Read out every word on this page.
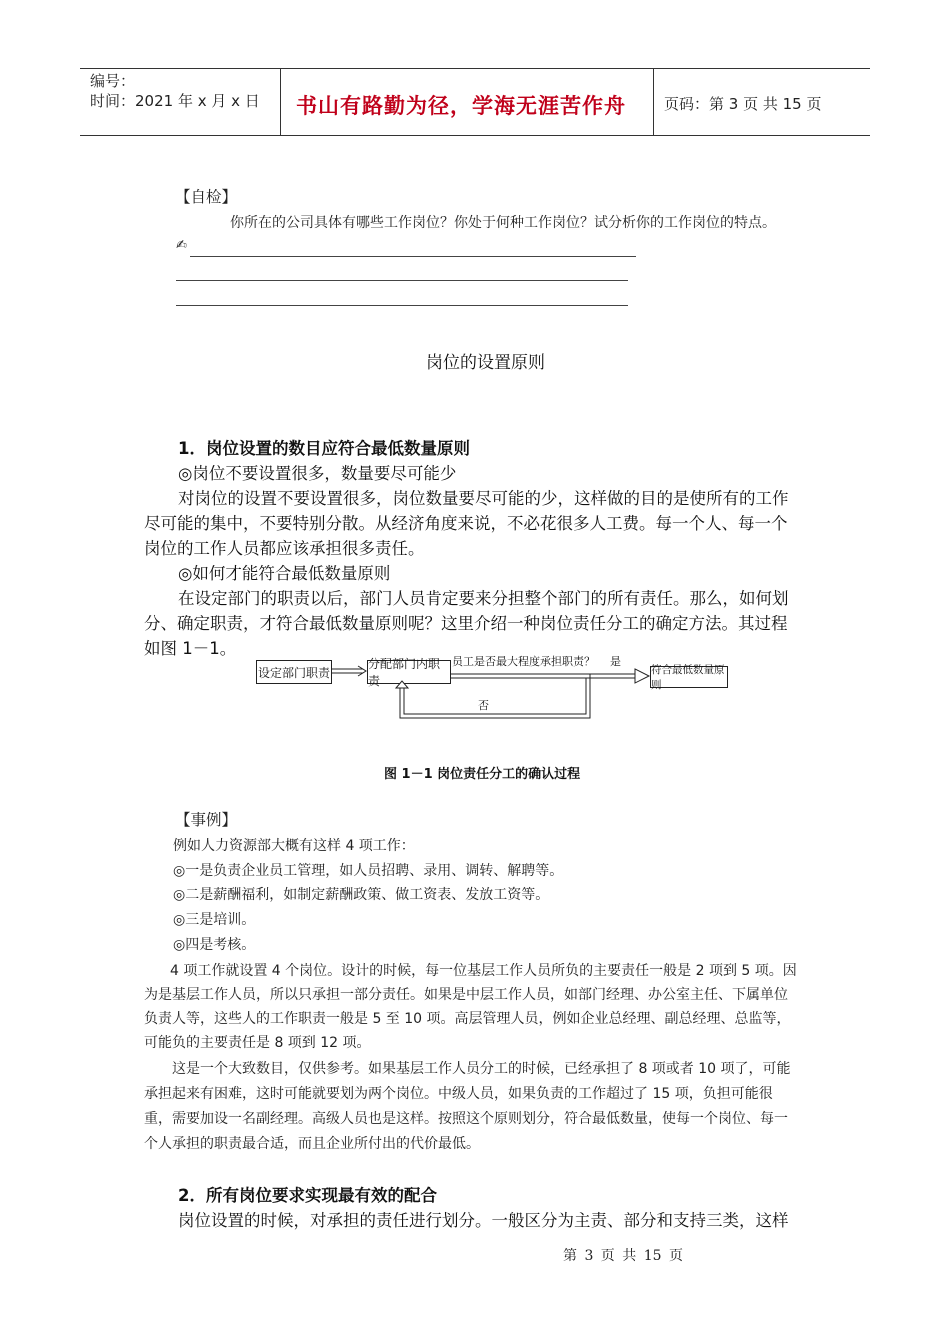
编号：
时间：2021 年 x 月 x 日 书山有路勤为径，学海无涯苦作舟	页码：第 3 页 共 15 页
【自检】
你所在的公司具体有哪些工作岗位？你处于何种工作岗位？试分析你的工作岗位的特点。
✍
岗位的设置原则
1．岗位设置的数目应符合最低数量原则
◎岗位不要设置很多，数量要尽可能少
对岗位的设置不要设置很多，岗位数量要尽可能的少，这样做的目的是使所有的工作
尽可能的集中，不要特别分散。从经济角度来说，不必花很多人工费。每一个人、每一个
岗位的工作人员都应该承担很多责任。
◎如何才能符合最低数量原则
在设定部门的职责以后，部门人员肯定要来分担整个部门的所有责任。那么，如何划
分、确定职责，才符合最低数量原则呢？这里介绍一种岗位责任分工的确定方法。其过程
如图 1－1。
设定部门职责
分配部门内职责
符合最低数量原则
员工是否最大程度承担职责？ 是
否
图 1－1 岗位责任分工的确认过程
【事例】
例如人力资源部大概有这样 4 项工作：
◎一是负责企业员工管理，如人员招聘、录用、调转、解聘等。
◎二是薪酬福利，如制定薪酬政策、做工资表、发放工资等。
◎三是培训。
◎四是考核。
4 项工作就设置 4 个岗位。设计的时候，每一位基层工作人员所负的主要责任一般是 2 项到 5 项。因
为是基层工作人员，所以只承担一部分责任。如果是中层工作人员，如部门经理、办公室主任、下属单位
负责人等，这些人的工作职责一般是 5 至 10 项。高层管理人员，例如企业总经理、副总经理、总监等，
可能负的主要责任是 8 项到 12 项。
这是一个大致数目，仅供参考。如果基层工作人员分工的时候，已经承担了 8 项或者 10 项了，可能
承担起来有困难，这时可能就要划为两个岗位。中级人员，如果负责的工作超过了 15 项，负担可能很
重，需要加设一名副经理。高级人员也是这样。按照这个原则划分，符合最低数量，使每一个岗位、每一
个人承担的职责最合适，而且企业所付出的代价最低。
2．所有岗位要求实现最有效的配合
岗位设置的时候，对承担的责任进行划分。一般区分为主责、部分和支持三类，这样
第 3 页 共 15 页
